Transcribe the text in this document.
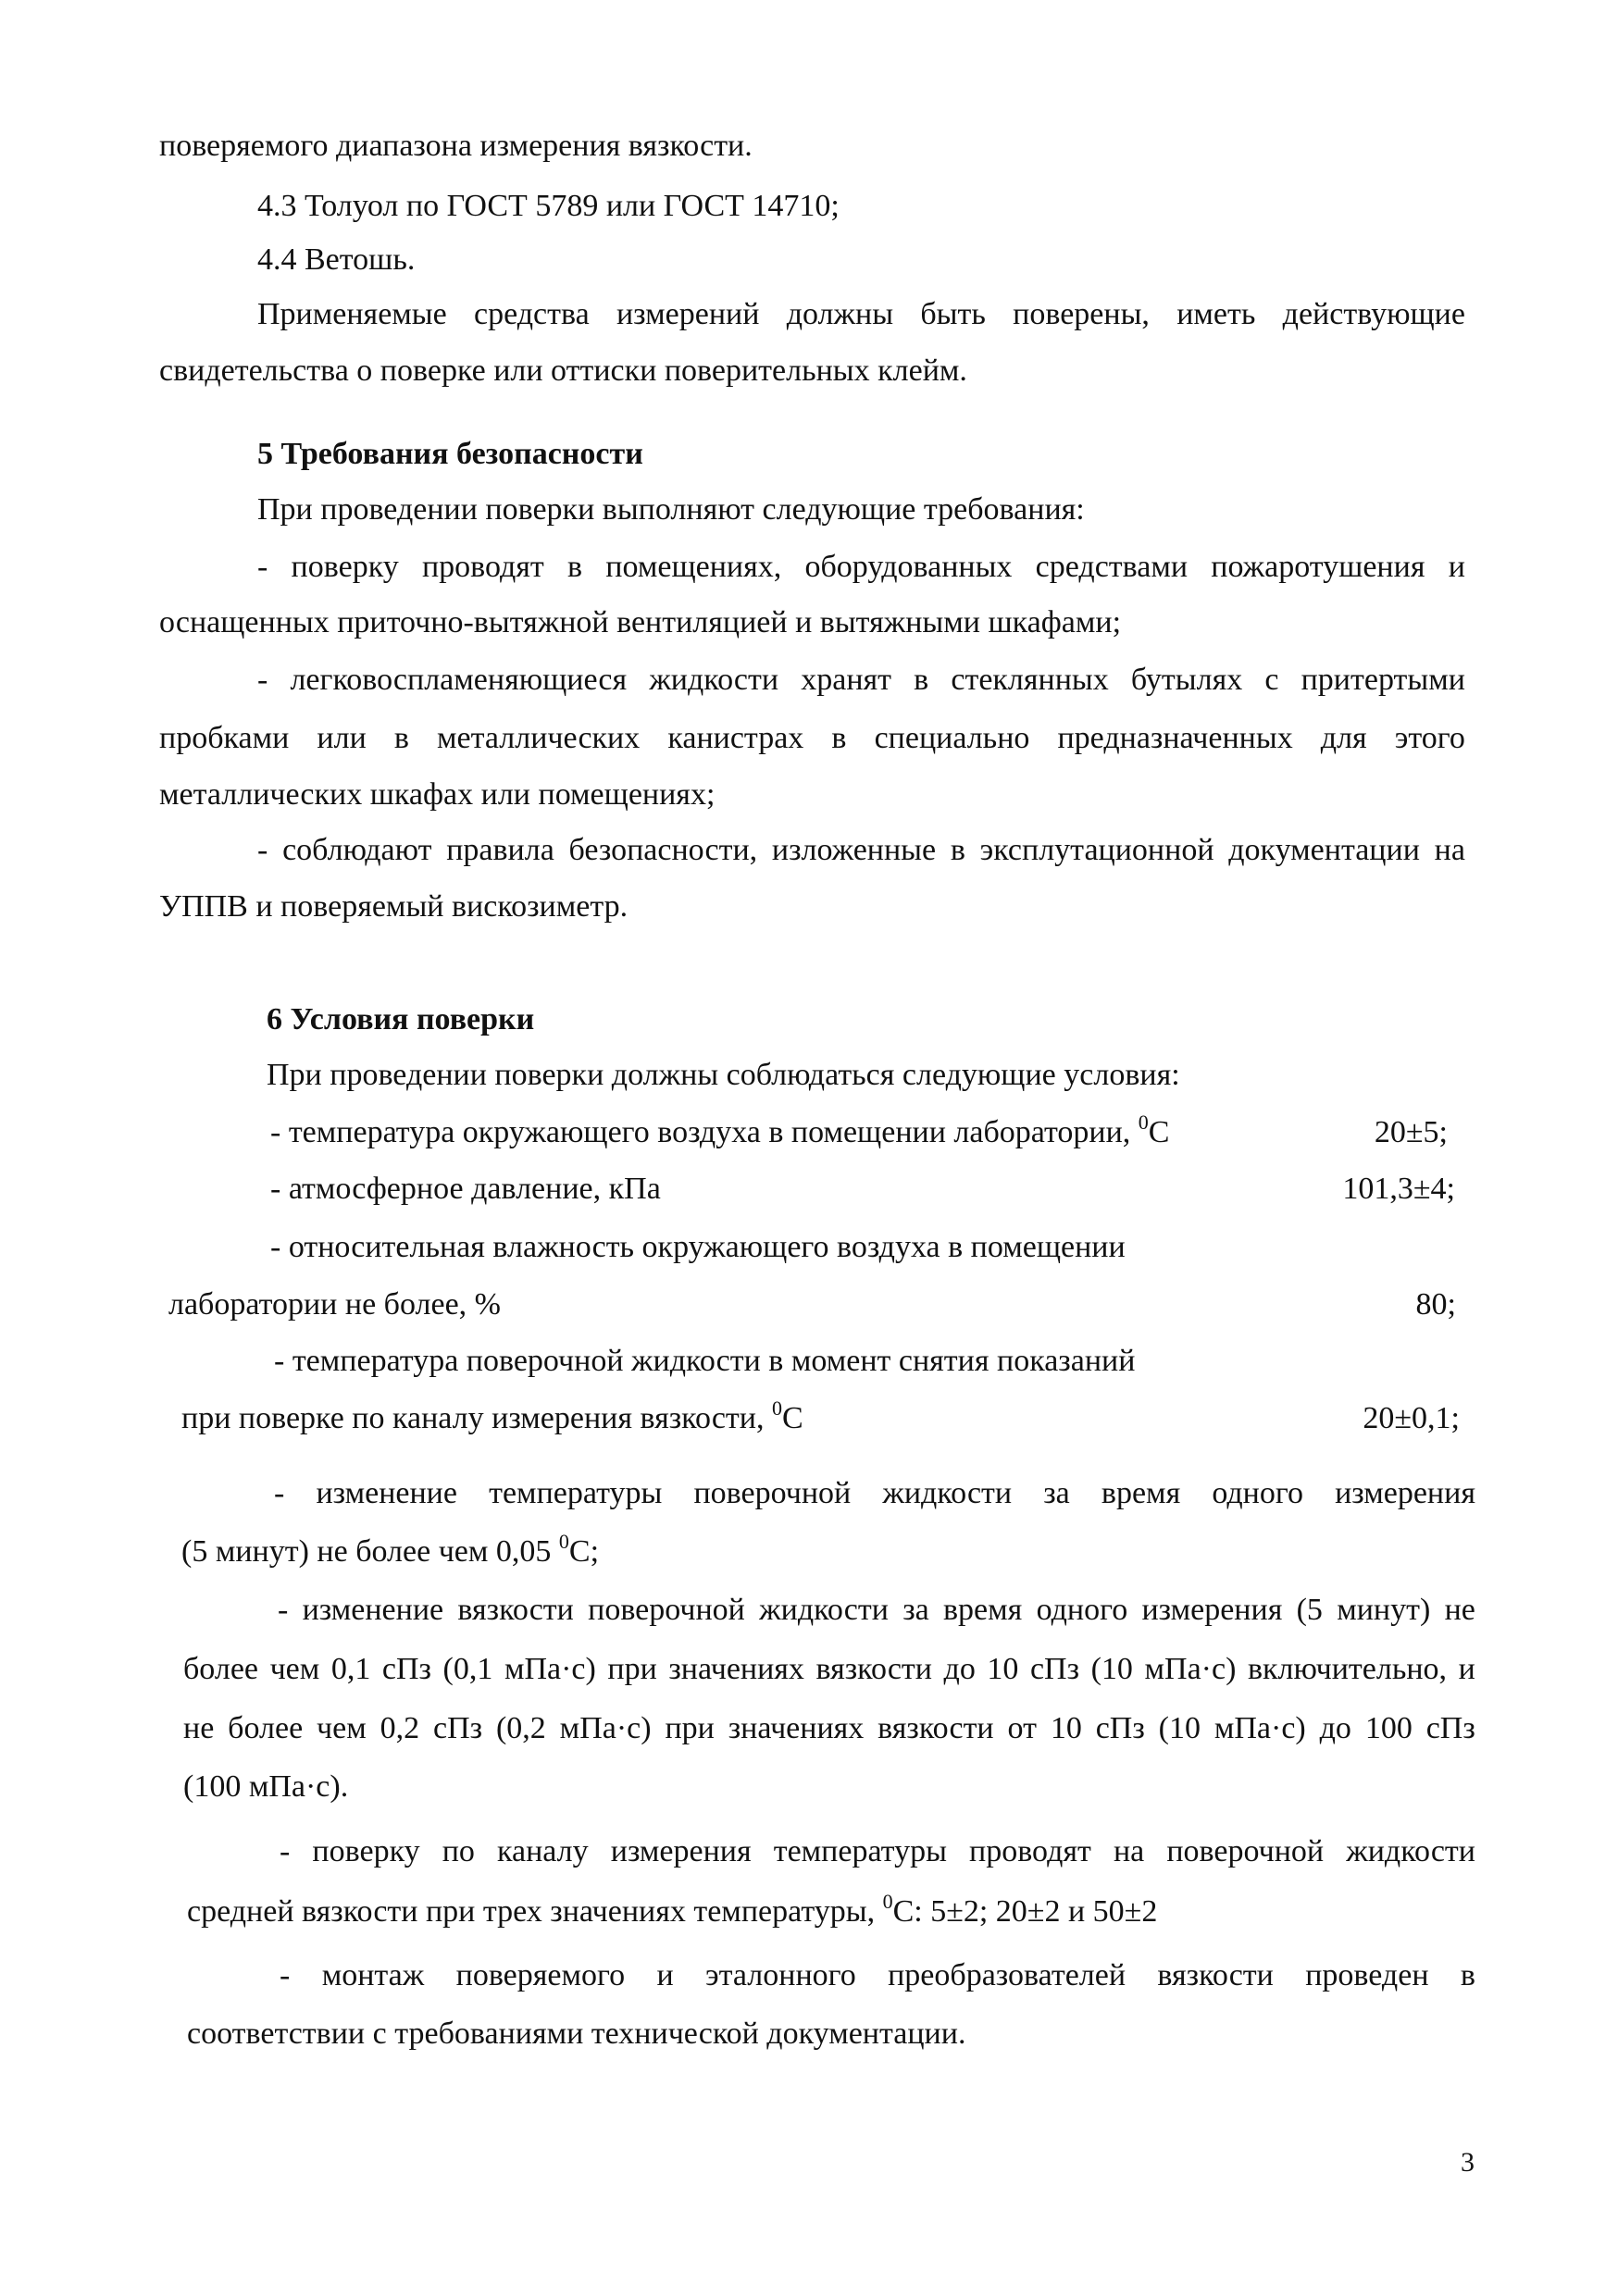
поверяемого диапазона измерения вязкости.
4.3 Толуол по ГОСТ 5789 или ГОСТ 14710;
4.4 Ветошь.
Применяемые средства измерений должны быть поверены, иметь действующие
свидетельства о поверке или оттиски поверительных клейм.
5 Требования безопасности
При проведении поверки выполняют следующие требования:
- поверку проводят в помещениях, оборудованных средствами пожаротушения и
оснащенных приточно-вытяжной вентиляцией и вытяжными шкафами;
- легковоспламеняющиеся жидкости хранят в стеклянных бутылях с притертыми
пробками или в металлических канистрах в специально предназначенных для этого
металлических шкафах или помещениях;
- соблюдают правила безопасности, изложенные в эксплутационной документации на
УППВ и поверяемый вискозиметр.
6 Условия поверки
При проведении поверки должны соблюдаться следующие условия:
- температура окружающего воздуха в помещении лаборатории, $^0$С	20±5;
- атмосферное давление, кПа	101,3±4;
- относительная влажность окружающего воздуха в помещении
лаборатории не более, %	80;
- температура поверочной жидкости в момент снятия показаний
при поверке по каналу измерения вязкости, $^0$С	20±0,1;
- изменение температуры поверочной жидкости за время одного измерения
(5 минут) не более чем 0,05 $^0$С;
- изменение вязкости поверочной жидкости за время одного измерения (5 минут) не
более чем 0,1 сПз (0,1 мПа·с) при значениях вязкости до 10 сПз (10 мПа·с) включительно, и
не более чем 0,2 сПз (0,2 мПа·с) при значениях вязкости от 10 сПз (10 мПа·с) до 100 сПз
(100 мПа·с).
- поверку по каналу измерения температуры проводят на поверочной жидкости
средней вязкости при трех значениях температуры, $^0$С: 5±2; 20±2 и 50±2
- монтаж поверяемого и эталонного преобразователей вязкости проведен в
соответствии с требованиями технической документации.
3
